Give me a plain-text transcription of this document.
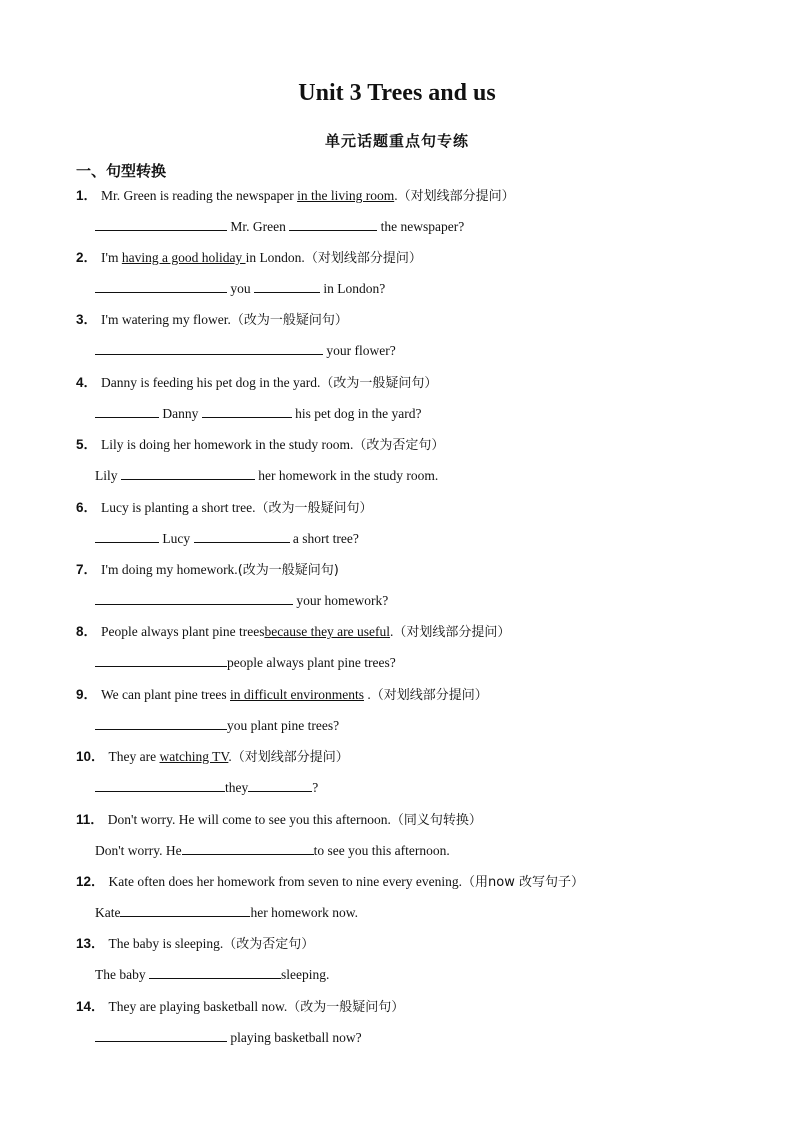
Unit 3 Trees and us
单元话题重点句专练
一、句型转换
1． Mr. Green is reading the newspaper in the living room.（对划线部分提问）
Mr. Green	the newspaper?
2． I'm having a good holiday in London.（对划线部分提问）
you	in London?
3． I'm watering my flower.（改为一般疑问句）
your flower?
4． Danny is feeding his pet dog in the yard.（改为一般疑问句）
Danny	his pet dog in the yard?
5． Lily is doing her homework in the study room.（改为否定句）
Lily	her homework in the study room.
6． Lucy is planting a short tree.（改为一般疑问句）
Lucy	a short tree?
7． I'm doing my homework.(改为一般疑问句)
your homework?
8． People always plant pine treesbecause they are useful.（对划线部分提问）
people always plant pine trees?
9． We can plant pine trees in difficult environments .（对划线部分提问）
you plant pine trees?
10． They are watching TV.（对划线部分提问）
they	?
11． Don't worry. He will come to see you this afternoon.（同义句转换）
Don't worry. He	to see you this afternoon.
12． Kate often does her homework from seven to nine every evening.（用now 改写句子）
Kate	her homework now.
13． The baby is sleeping.（改为否定句）
The baby	sleeping.
14． They are playing basketball now.（改为一般疑问句）
playing basketball now?
